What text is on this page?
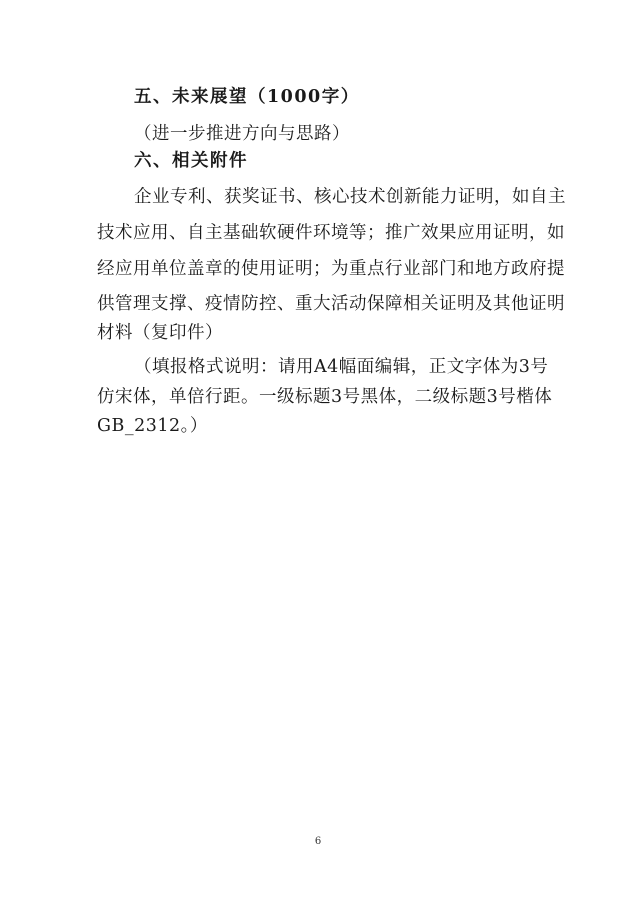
五、未来展望（1000字）
（进一步推进方向与思路）
六、相关附件
企业专利、获奖证书、核心技术创新能力证明，如自主
技术应用、自主基础软硬件环境等；推广效果应用证明，如
经应用单位盖章的使用证明；为重点行业部门和地方政府提
供管理支撑、疫情防控、重大活动保障相关证明及其他证明
材料（复印件）
（填报格式说明：请用A4幅面编辑，正文字体为3号
仿宋体，单倍行距。一级标题3号黑体，二级标题3号楷体
GB_2312。）
6
